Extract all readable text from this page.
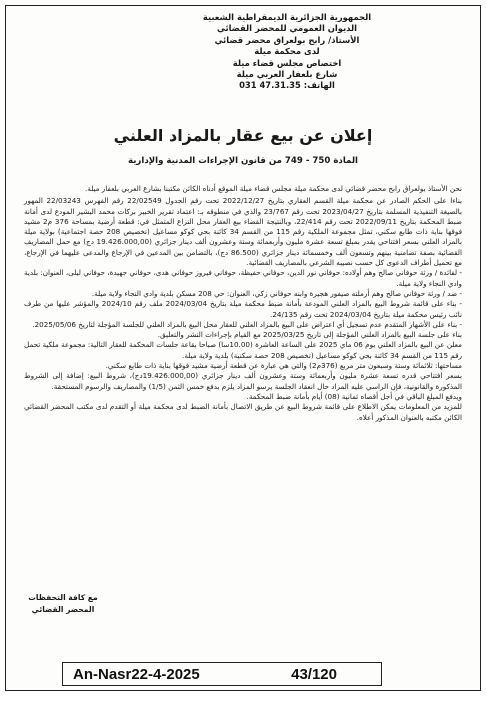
الجمهورية الجزائرية الديمقراطية الشعبية
الديوان العمومي للمحضر القضائي
الأستاذ/ رابح بولعراق محضر قضائي
لدى محكمة ميلة
اختصاص مجلس قضاء ميلة
شارع بلعفار العربي ميلة
الهاتف: 031 47.31.35
إعلان عن بيع عقار بالمزاد العلني
المادة 750 - 749 من قانون الإجراءات المدنية والإدارية

نحن الأستاذ بولعراق رابح محضر قضائي لدى محكمة ميلة مجلس قضاء ميلة الموقع أدناه الكائن مكتبنا بشارع العربي بلعفار ميلة.

بناءا على الحكم الصادر عن محكمة ميلة القسم العقاري بتاريخ 2022/12/27 تحت رقم الجدول 22/02549 رقم الفهرس 22/03243 المهور بالصيغة التنفيذية المسلمة بتاريخ 2023/04/27 تحت رقم 23/767 والذي في منطوقه بـ: اعتماد تقرير الخبير بركات محمد البشير المودع لدى أمانة ضبط المحكمة بتاريخ 2022/09/11 تحت رقم 22/414، وبالنتيجة القضاء بيع العقار محل النزاع المتمثل في: قطعة أرضية بمساحة 376 م2 مشيد فوقها بناية ذات طابع سكني، تمثل مجموعة الملكية رقم 115 من القسم 34 كائنة بحي كوكو مساعيل (تخصيص 208 حصة اجتماعية) بولاية ميلة بالمزاد العلني بسعر افتتاحي يقدر بمبلغ تسعة عشرة مليون وأربعمائة وستة وعشرون ألف دينار جزائري (19.426.000,00 دج) مع حمل المصاريف القضائية بصفة تضامنية بينهم وتسعون ألف وخمسمائة دينار جزائري (86.500 دج)، بالتضامن بين المدعين في الإرجاع والمدعى عليهما في الإرجاع، مع تحميل أطراف الدعوى كل حسب نصيبه الشرعي بالمصاريف القضائية.

- لفائدة / ورثة حوفاني صالح وهم أولاده: حوفاني نور الدين، حوفاني حفيظة، حوفاني فيروز حوفاني هدى، حوفاني جهيدة، حوفاني ليلى، العنوان: بلدية وادي النجاء ولاية ميلة.

- ضد / ورثة حوفاني صالح وهم أرملته صيفور هجيرة وابنه حوفاني زكي، العنوان: حي 208 مسكن بلدية وادي النجاء ولاية ميلة.

- بناء على قائمة شروط البيع بالمزاد العلني المودعة بأمانة ضبط محكمة ميلة بتاريخ 2024/03/04 ملف رقم 2024/10 والمؤشر عليها من طرف نائب رئيس محكمة ميلة بتاريخ 2024/03/04 تحت رقم 24/135.

- بناء على الأشهار المتقدم عدم تسجيل أي اعتراض على البيع بالمزاد العلني للعقار محل البيع بالمزاد العلني للجلسة المؤجلة لتاريخ 2025/05/06.

بناء على جلسة البيع بالمزاد العلني المؤجلة إلى تاريخ 2025/03/25 مع القيام بإجراءات النشر والتعليق.

معلن عن البيع بالمزاد العلني يوم 06 ماي 2025 على الساعة العاشرة (10.00سا) صباحا بقاعة جلسات المحكمة للعقار التالية: مجموعة ملكية تحمل رقم 115 من القسم 34 كائنة بحي كوكو مساعيل (تخصيص 208 حصة سكنية) بلدية ولاية ميلة.

مساحتها: ثلاثمائة وستة وسبعون متر مربع (376م2) والتي هي عبارة عن قطعة أرضية مشيد فوقها بناية ذات طابع سكني.

بسعر افتتاحي قدره تسعة عشرة مليون وأربعمائة وستة وعشرون ألف دينار جزائري (19.426.000,00دج)، شروط البيع: إضافة إلى الشروط المذكورة والقانونية، فإن الراسي عليه المزاد حال انعقاد الجلسة يرسو المزاد يلزم بدفع خمس الثمن (1/5) والمصاريف والرسوم المستحقة.

ويدفع المبلغ الباقي في أجل أقصاه ثمانية (08) أيام بأمانة ضبط المحكمة.

للمزيد من المعلومات يمكن الاطلاع على قائمة شروط البيع عن طريق الاتصال بأمانة الضبط لدى محكمة ميلة أو التقدم لدى مكتب المحضر القضائي الكائن مكتبه بالعنوان المذكور أعلاه.

مع كافة التحفظات
المحضر القضائي
An-Nasr22-4-2025	43/120
